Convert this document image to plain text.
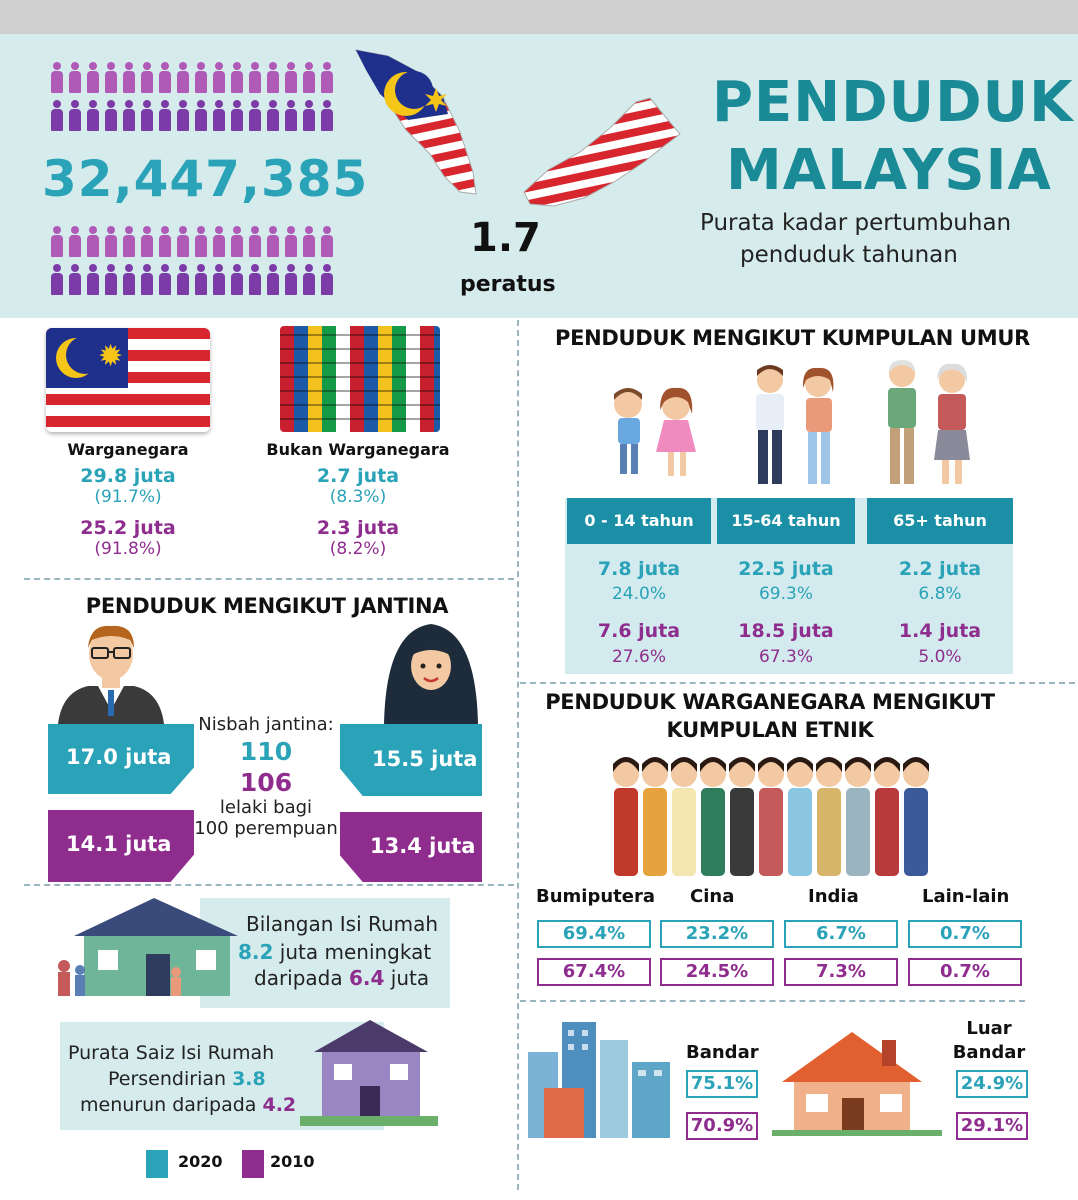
32,447,385
1.7
peratus
PENDUDUK
MALAYSIA
Purata kadar pertumbuhan
penduduk tahunan
✹
Warganegara
29.8 juta
(91.7%)
25.2 juta
(91.8%)
Bukan Warganegara
2.7 juta
(8.3%)
2.3 juta
(8.2%)
PENDUDUK MENGIKUT KUMPULAN UMUR
0 - 14 tahun
7.8 juta
24.0%
7.6 juta
27.6%
15-64 tahun
22.5 juta
69.3%
18.5 juta
67.3%
65+ tahun
2.2 juta
6.8%
1.4 juta
5.0%
PENDUDUK MENGIKUT JANTINA
17.0 juta
14.1 juta
15.5 juta
13.4 juta
Nisbah jantina:
110
106
lelaki bagi
100 perempuan
PENDUDUK WARGANEGARA MENGIKUT
KUMPULAN ETNIK
Bumiputera
69.4%
67.4%
Cina
23.2%
24.5%
India
6.7%
7.3%
Lain-lain
0.7%
0.7%
Bilangan Isi Rumah
8.2 juta meningkat
daripada 6.4 juta
Purata Saiz Isi Rumah
Persendirian 3.8
menurun daripada 4.2
Bandar
75.1%
70.9%
Luar
Bandar
24.9%
29.1%
2020	2010
